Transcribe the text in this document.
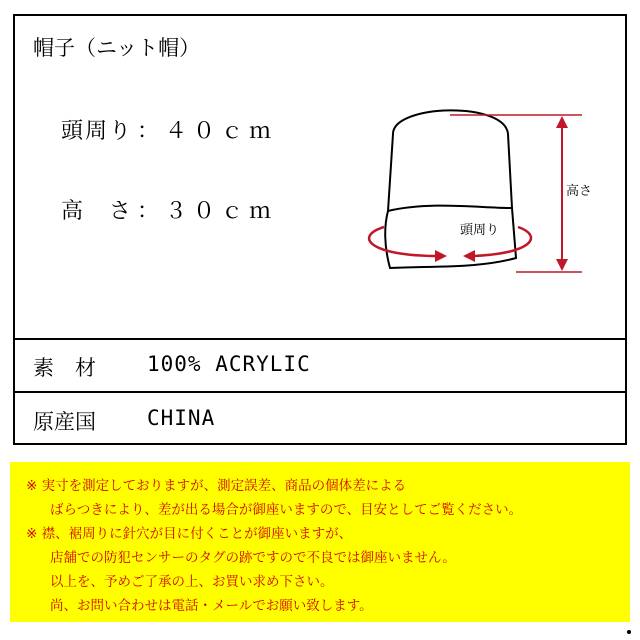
帽子（ニット帽）
頭周り ： ４０ｃｍ
高　さ ： ３０ｃｍ
高さ
頭周り
素　材 100% ACRYLIC
原産国 CHINA
※ 実寸を測定しておりますが、測定誤差、商品の個体差による
ばらつきにより、差が出る場合が御座いますので、目安としてご覧ください。
※ 襟、裾周りに針穴が目に付くことが御座いますが、
店舗での防犯センサーのタグの跡ですので不良では御座いません。
以上を、予めご了承の上、お買い求め下さい。
尚、お問い合わせは電話・メールでお願い致します。
